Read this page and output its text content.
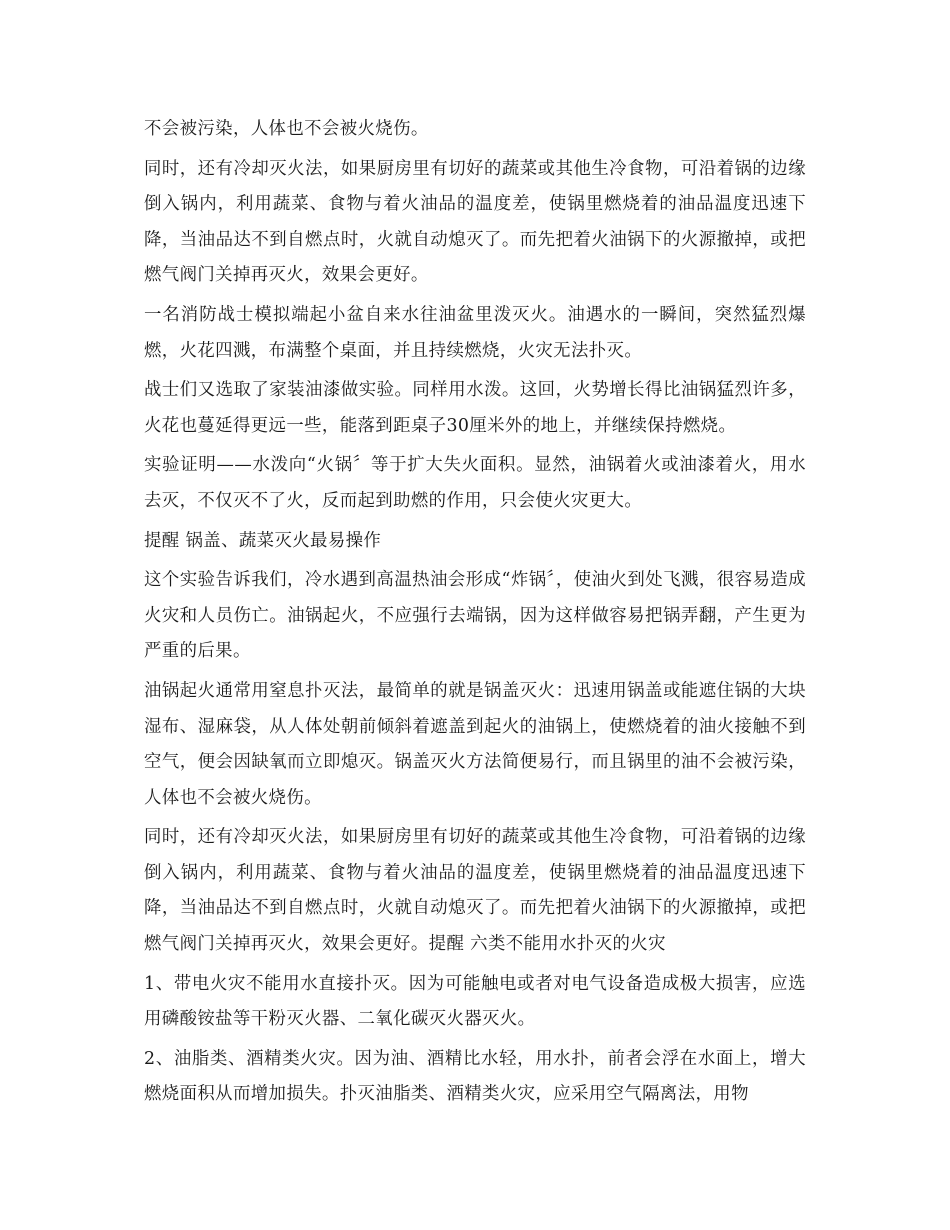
不会被污染，人体也不会被火烧伤。

同时，还有冷却灭火法，如果厨房里有切好的蔬菜或其他生冷食物，可沿着锅的边缘倒入锅内，利用蔬菜、食物与着火油品的温度差，使锅里燃烧着的油品温度迅速下降，当油品达不到自燃点时，火就自动熄灭了。而先把着火油锅下的火源撤掉，或把燃气阀门关掉再灭火，效果会更好。

一名消防战士模拟端起小盆自来水往油盆里泼灭火。油遇水的一瞬间，突然猛烈爆燃，火花四溅，布满整个桌面，并且持续燃烧，火灾无法扑灭。

战士们又选取了家装油漆做实验。同样用水泼。这回，火势增长得比油锅猛烈许多，火花也蔓延得更远一些，能落到距桌子30厘米外的地上，并继续保持燃烧。

实验证明——水泼向“火锅〞等于扩大失火面积。显然，油锅着火或油漆着火，用水去灭，不仅灭不了火，反而起到助燃的作用，只会使火灾更大。

提醒 锅盖、蔬菜灭火最易操作

这个实验告诉我们，冷水遇到高温热油会形成“炸锅〞，使油火到处飞溅，很容易造成火灾和人员伤亡。油锅起火，不应强行去端锅，因为这样做容易把锅弄翻，产生更为严重的后果。

油锅起火通常用窒息扑灭法，最简单的就是锅盖灭火：迅速用锅盖或能遮住锅的大块湿布、湿麻袋，从人体处朝前倾斜着遮盖到起火的油锅上，使燃烧着的油火接触不到空气，便会因缺氧而立即熄灭。锅盖灭火方法简便易行，而且锅里的油不会被污染，人体也不会被火烧伤。

同时，还有冷却灭火法，如果厨房里有切好的蔬菜或其他生冷食物，可沿着锅的边缘倒入锅内，利用蔬菜、食物与着火油品的温度差，使锅里燃烧着的油品温度迅速下降，当油品达不到自燃点时，火就自动熄灭了。而先把着火油锅下的火源撤掉，或把燃气阀门关掉再灭火，效果会更好。提醒 六类不能用水扑灭的火灾

1、带电火灾不能用水直接扑灭。因为可能触电或者对电气设备造成极大损害，应选用磷酸铵盐等干粉灭火器、二氧化碳灭火器灭火。

2、油脂类、酒精类火灾。因为油、酒精比水轻，用水扑，前者会浮在水面上，增大燃烧面积从而增加损失。扑灭油脂类、酒精类火灾，应采用空气隔离法，用物
